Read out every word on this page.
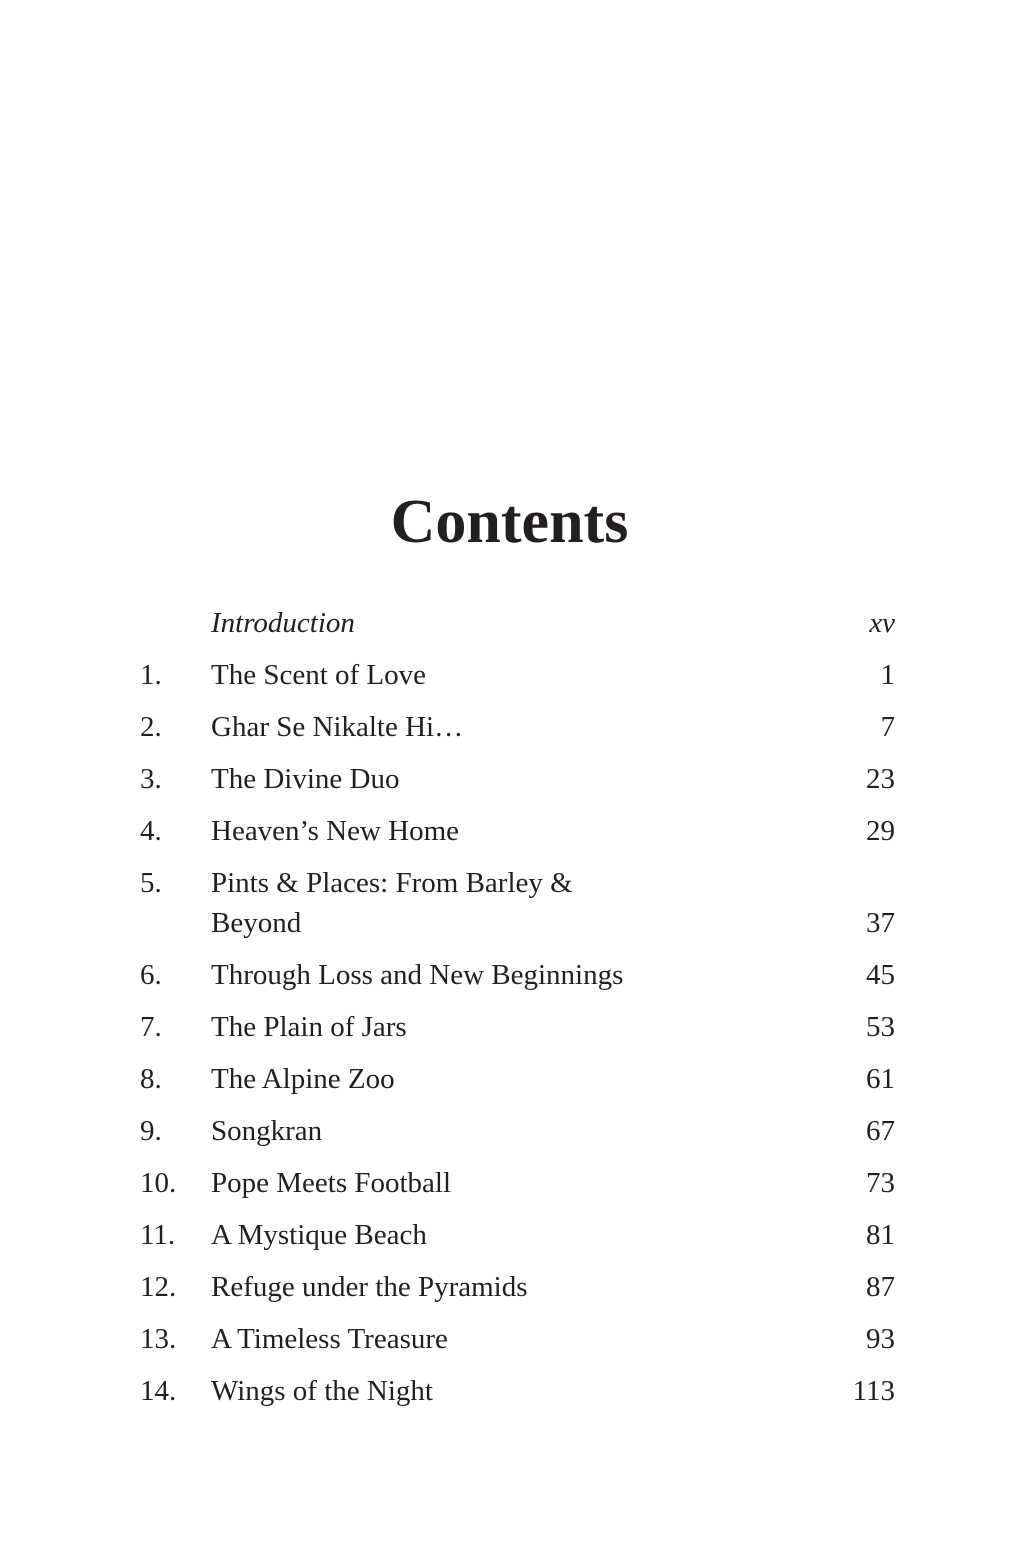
Contents
Introduction	xv
1. The Scent of Love	1
2. Ghar Se Nikalte Hi…	7
3. The Divine Duo	23
4. Heaven’s New Home	29
5. Pints & Places: From Barley & Beyond	37
6. Through Loss and New Beginnings	45
7. The Plain of Jars	53
8. The Alpine Zoo	61
9. Songkran	67
10. Pope Meets Football	73
11. A Mystique Beach	81
12. Refuge under the Pyramids	87
13. A Timeless Treasure	93
14. Wings of the Night	113
